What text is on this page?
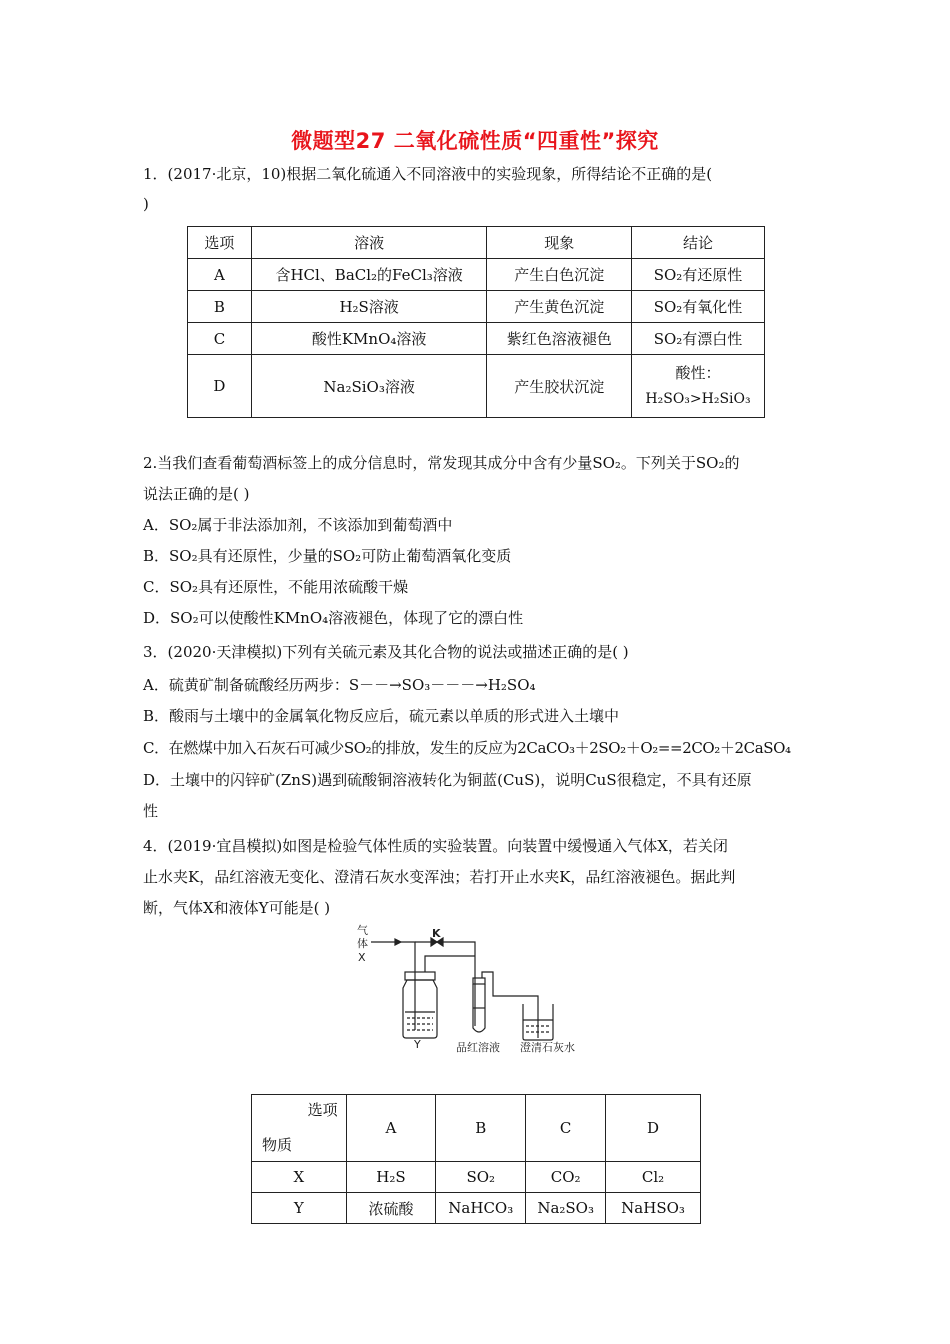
微题型27 二氧化硫性质“四重性”探究
1．(2017·北京，10)根据二氧化硫通入不同溶液中的实验现象，所得结论不正确的是(
)
选项	溶液	现象	结论
A	含HCl、BaCl₂的FeCl₃溶液	产生白色沉淀	SO₂有还原性
B	H₂S溶液	产生黄色沉淀	SO₂有氧化性
C	酸性KMnO₄溶液	紫红色溶液褪色	SO₂有漂白性
D	Na₂SiO₃溶液	产生胶状沉淀	酸性：
H₂SO₃>H₂SiO₃
2.当我们查看葡萄酒标签上的成分信息时，常发现其成分中含有少量SO₂。下列关于SO₂的
说法正确的是( )
A．SO₂属于非法添加剂，不该添加到葡萄酒中
B．SO₂具有还原性，少量的SO₂可防止葡萄酒氧化变质
C．SO₂具有还原性，不能用浓硫酸干燥
D．SO₂可以使酸性KMnO₄溶液褪色，体现了它的漂白性
3．(2020·天津模拟)下列有关硫元素及其化合物的说法或描述正确的是( )
A．硫黄矿制备硫酸经历两步：S－－→SO₃－－－→H₂SO₄
B．酸雨与土壤中的金属氧化物反应后，硫元素以单质的形式进入土壤中
C．在燃煤中加入石灰石可减少SO₂的排放，发生的反应为2CaCO₃＋2SO₂＋O₂==2CO₂＋2CaSO₄
D．土壤中的闪锌矿(ZnS)遇到硫酸铜溶液转化为铜蓝(CuS)，说明CuS很稳定，不具有还原
性
4．(2019·宜昌模拟)如图是检验气体性质的实验装置。向装置中缓慢通入气体X，若关闭
止水夹K，品红溶液无变化、澄清石灰水变浑浊；若打开止水夹K，品红溶液褪色。据此判
断，气体X和液体Y可能是( )
气
体
X
K
Y	品红溶液 澄清石灰水
选项
物质	A	B	C	D
X	H₂S	SO₂	CO₂	Cl₂
Y	浓硫酸	NaHCO₃	Na₂SO₃	NaHSO₃
